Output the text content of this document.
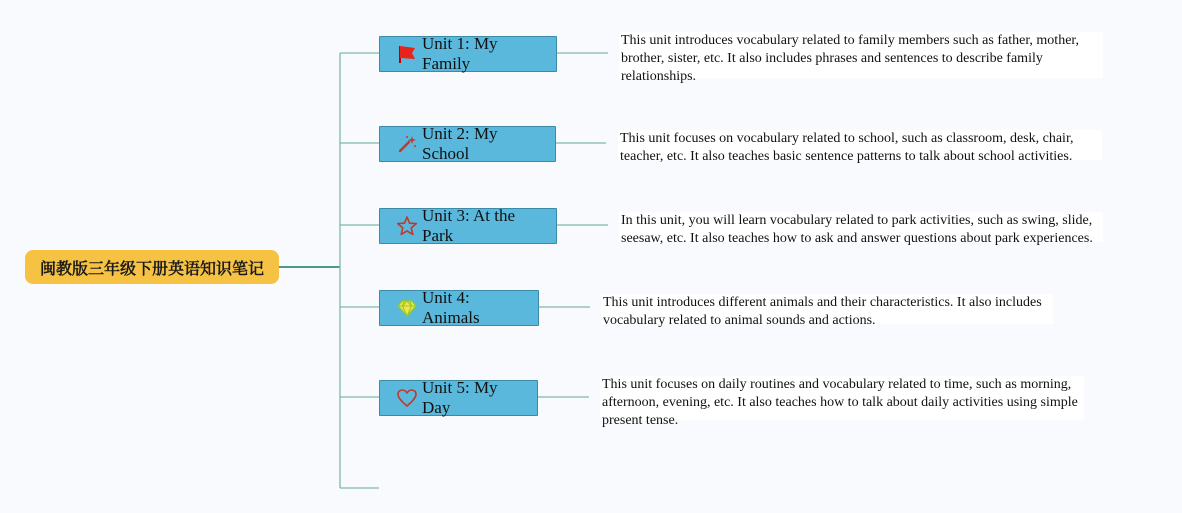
闽教版三年级下册英语知识笔记
Unit 1: My Family
This unit introduces vocabulary related to family members such as father, mother, brother, sister, etc. It also includes phrases and sentences to describe family relationships.
Unit 2: My School
This unit focuses on vocabulary related to school, such as classroom, desk, chair, teacher, etc. It also teaches basic sentence patterns to talk about school activities.
Unit 3: At the Park
In this unit, you will learn vocabulary related to park activities, such as swing, slide, seesaw, etc. It also teaches how to ask and answer questions about park experiences.
Unit 4: Animals
This unit introduces different animals and their characteristics. It also includes vocabulary related to animal sounds and actions.
Unit 5: My Day
This unit focuses on daily routines and vocabulary related to time, such as morning, afternoon, evening, etc. It also teaches how to talk about daily activities using simple present tense.
